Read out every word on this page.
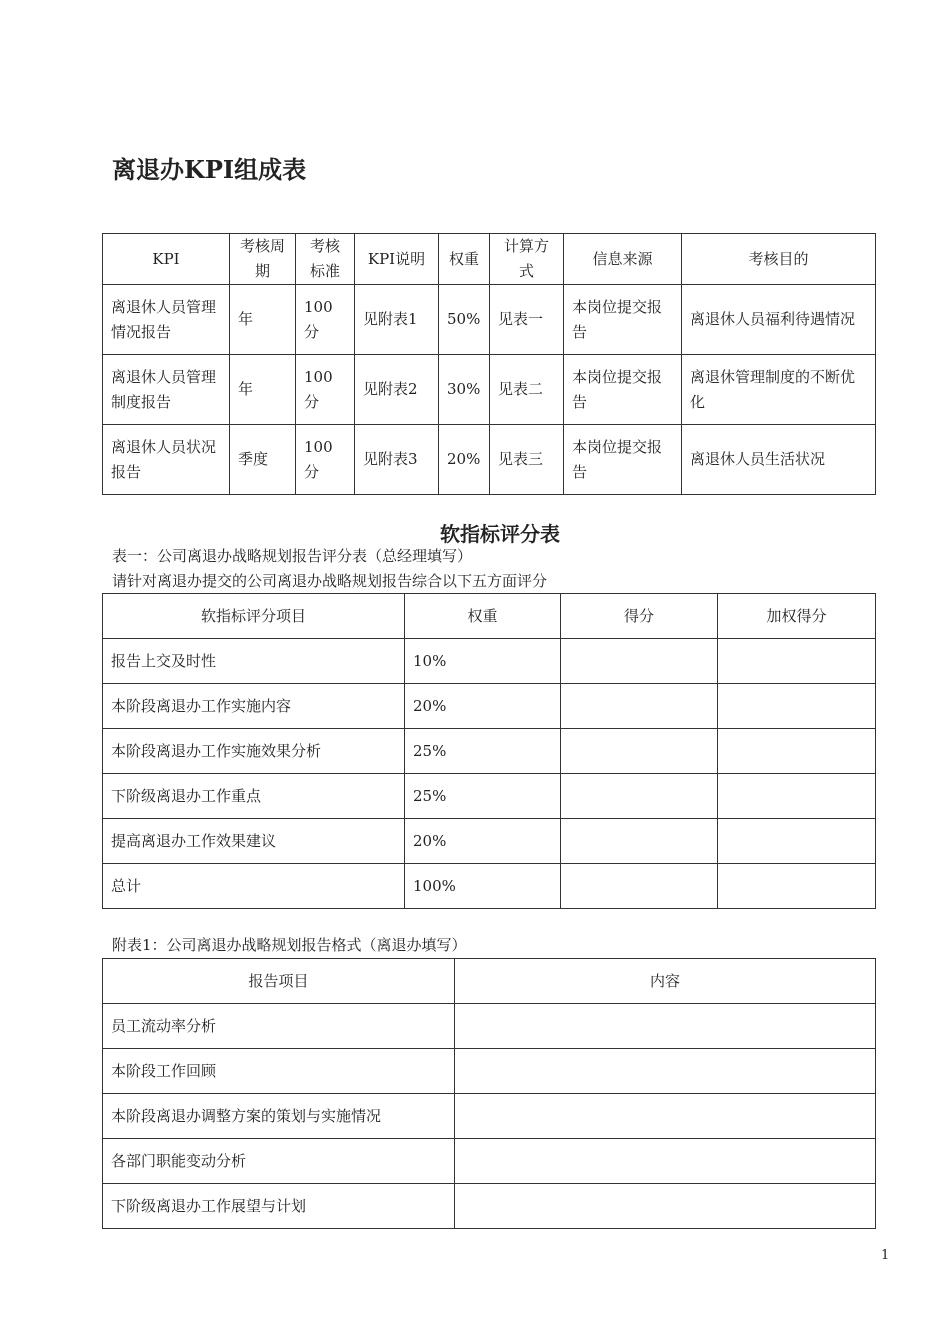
离退办KPI组成表
KPI	考核周期	考核标准	KPI说明	权重	计算方式	信息来源	考核目的
离退休人员管理情况报告	年	100分	见附表1	50%	见表一	本岗位提交报告	离退休人员福利待遇情况
离退休人员管理制度报告	年	100分	见附表2	30%	见表二	本岗位提交报告	离退休管理制度的不断优化
离退休人员状况报告	季度	100分	见附表3	20%	见表三	本岗位提交报告	离退休人员生活状况
软指标评分表
表一：公司离退办战略规划报告评分表（总经理填写）
请针对离退办提交的公司离退办战略规划报告综合以下五方面评分
软指标评分项目	权重	得分	加权得分
报告上交及时性	10%		
本阶段离退办工作实施内容	20%		
本阶段离退办工作实施效果分析	25%		
下阶级离退办工作重点	25%		
提高离退办工作效果建议	20%		
总计	100%		
附表1：公司离退办战略规划报告格式（离退办填写）
报告项目	内容
员工流动率分析	
本阶段工作回顾	
本阶段离退办调整方案的策划与实施情况	
各部门职能变动分析	
下阶级离退办工作展望与计划	
1
